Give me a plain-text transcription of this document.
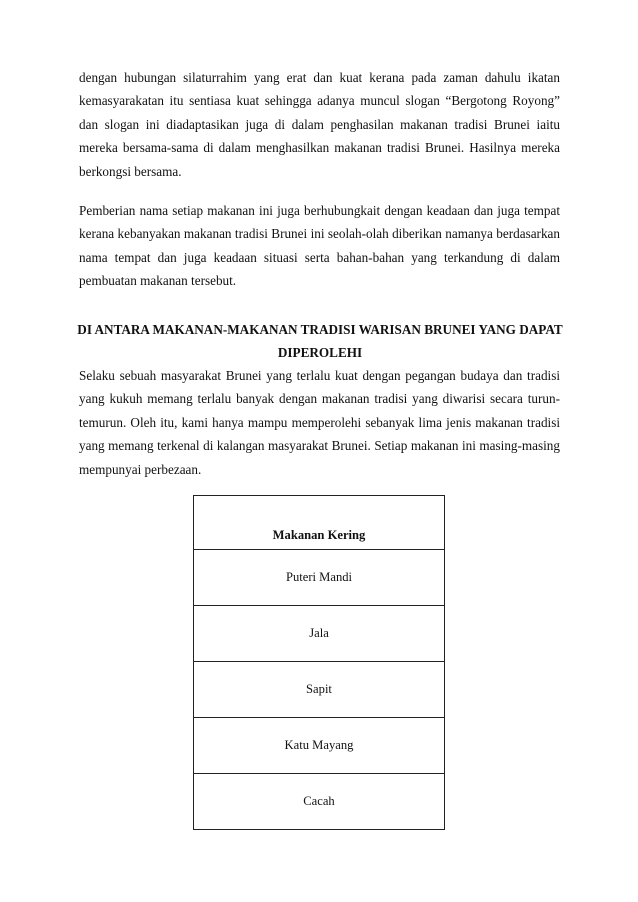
dengan hubungan silaturrahim yang erat dan kuat kerana pada zaman dahulu ikatan kemasyarakatan itu sentiasa kuat sehingga adanya muncul slogan “Bergotong Royong” dan slogan ini diadaptasikan juga di dalam penghasilan makanan tradisi Brunei iaitu mereka bersama-sama di dalam menghasilkan makanan tradisi Brunei. Hasilnya mereka berkongsi bersama.

Pemberian nama setiap makanan ini juga berhubungkait dengan keadaan dan juga tempat kerana kebanyakan makanan tradisi Brunei ini seolah-olah diberikan namanya berdasarkan nama tempat dan juga keadaan situasi serta bahan-bahan yang terkandung di dalam pembuatan makanan tersebut.

DI ANTARA MAKANAN-MAKANAN TRADISI WARISAN BRUNEI YANG DAPAT DIPEROLEHI

Selaku sebuah masyarakat Brunei yang terlalu kuat dengan pegangan budaya dan tradisi yang kukuh memang terlalu banyak dengan makanan tradisi yang diwarisi secara turun-temurun. Oleh itu, kami hanya mampu memperolehi sebanyak lima jenis makanan tradisi yang memang terkenal di kalangan masyarakat Brunei. Setiap makanan ini masing-masing mempunyai perbezaan.

Makanan Kering
Puteri Mandi
Jala
Sapit
Katu Mayang
Cacah
